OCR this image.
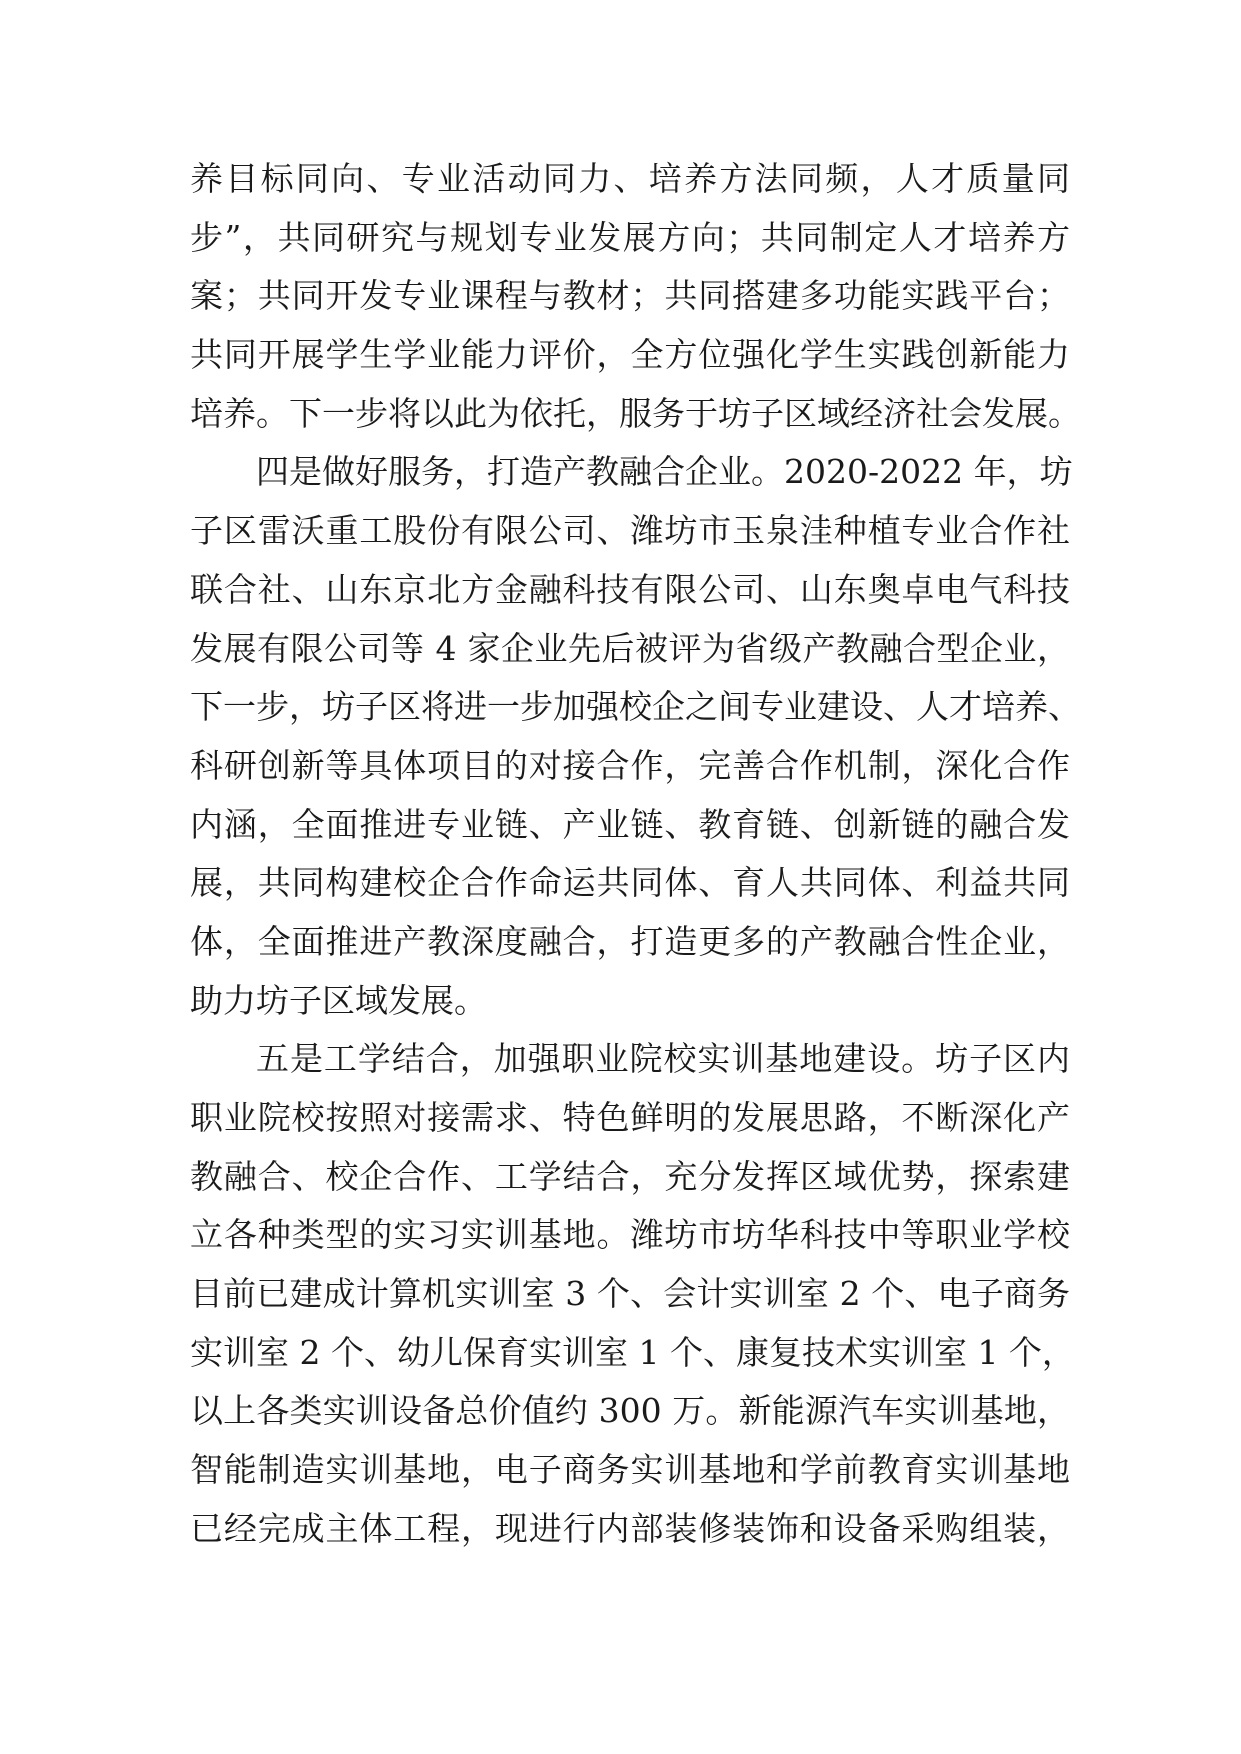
养目标同向、专业活动同力、培养方法同频，人才质量同
步”，共同研究与规划专业发展方向；共同制定人才培养方
案；共同开发专业课程与教材；共同搭建多功能实践平台；
共同开展学生学业能力评价，全方位强化学生实践创新能力
培养。下一步将以此为依托，服务于坊子区域经济社会发展。
四是做好服务，打造产教融合企业。2020-2022 年，坊
子区雷沃重工股份有限公司、潍坊市玉泉洼种植专业合作社
联合社、山东京北方金融科技有限公司、山东奥卓电气科技
发展有限公司等 4 家企业先后被评为省级产教融合型企业，
下一步，坊子区将进一步加强校企之间专业建设、人才培养、
科研创新等具体项目的对接合作，完善合作机制，深化合作
内涵，全面推进专业链、产业链、教育链、创新链的融合发
展，共同构建校企合作命运共同体、育人共同体、利益共同
体，全面推进产教深度融合，打造更多的产教融合性企业，
助力坊子区域发展。
五是工学结合，加强职业院校实训基地建设。坊子区内
职业院校按照对接需求、特色鲜明的发展思路，不断深化产
教融合、校企合作、工学结合，充分发挥区域优势，探索建
立各种类型的实习实训基地。潍坊市坊华科技中等职业学校
目前已建成计算机实训室 3 个、会计实训室 2 个、电子商务
实训室 2 个、幼儿保育实训室 1 个、康复技术实训室 1 个，
以上各类实训设备总价值约 300 万。新能源汽车实训基地，
智能制造实训基地，电子商务实训基地和学前教育实训基地
已经完成主体工程，现进行内部装修装饰和设备采购组装，
